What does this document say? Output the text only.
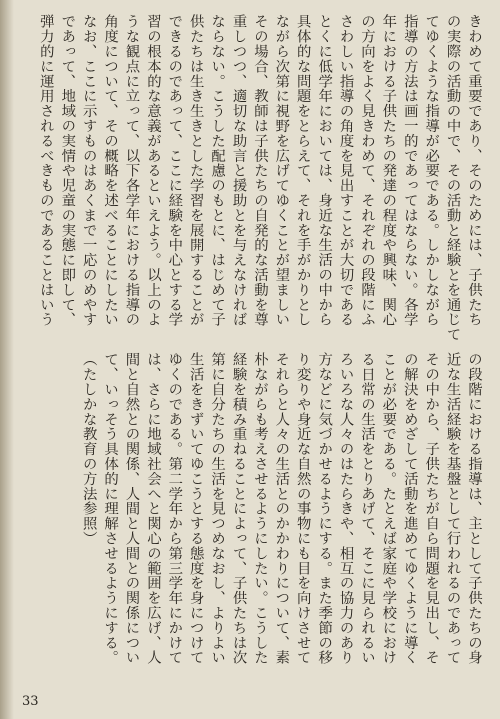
きわめて重要であり、そのためには、子供たち
の実際の活動の中で、その活動と経験とを通じて
てゆくような指導が必要である。しかしながら
指導の方法は画一的であってはならない。各学
年における子供たちの発達の程度や興味、関心
の方向をよく見きわめて、それぞれの段階にふ
さわしい指導の角度を見出すことが大切である
とくに低学年においては、身近な生活の中から
具体的な問題をとらえて、それを手がかりとし
ながら次第に視野を広げてゆくことが望ましい
その場合、教師は子供たちの自発的な活動を尊
重しつつ、適切な助言と援助とを与えなければ
ならない。こうした配慮のもとに、はじめて子
供たちは生き生きとした学習を展開することが
できるのであって、ここに経験を中心とする学
習の根本的な意義があるといえよう。以上のよ
うな観点に立って、以下各学年における指導の
角度について、その概略を述べることにしたい
なお、ここに示すものはあくまで一応のめやす
であって、地域の実情や児童の実態に即して、
弾力的に運用されるべきものであることはいう
の段階における指導は、主として子供たちの身
近な生活経験を基盤として行われるのであって
その中から、子供たちが自ら問題を見出し、そ
の解決をめざして活動を進めてゆくように導く
ことが必要である。たとえば家庭や学校におけ
る日常の生活をとりあげて、そこに見られるい
ろいろな人々のはたらきや、相互の協力のあり
方などに気づかせるようにする。また季節の移
り変りや身近な自然の事物にも目を向けさせて
それらと人々の生活とのかかわりについて、素
朴ながらも考えさせるようにしたい。こうした
経験を積み重ねることによって、子供たちは次
第に自分たちの生活を見つめなおし、よりよい
生活をきずいてゆこうとする態度を身につけて
ゆくのである。第二学年から第三学年にかけて
は、さらに地域社会へと関心の範囲を広げ、人
間と自然との関係、人間と人間との関係につい
て、いっそう具体的に理解させるようにする。
（たしかな教育の方法参照）
33
